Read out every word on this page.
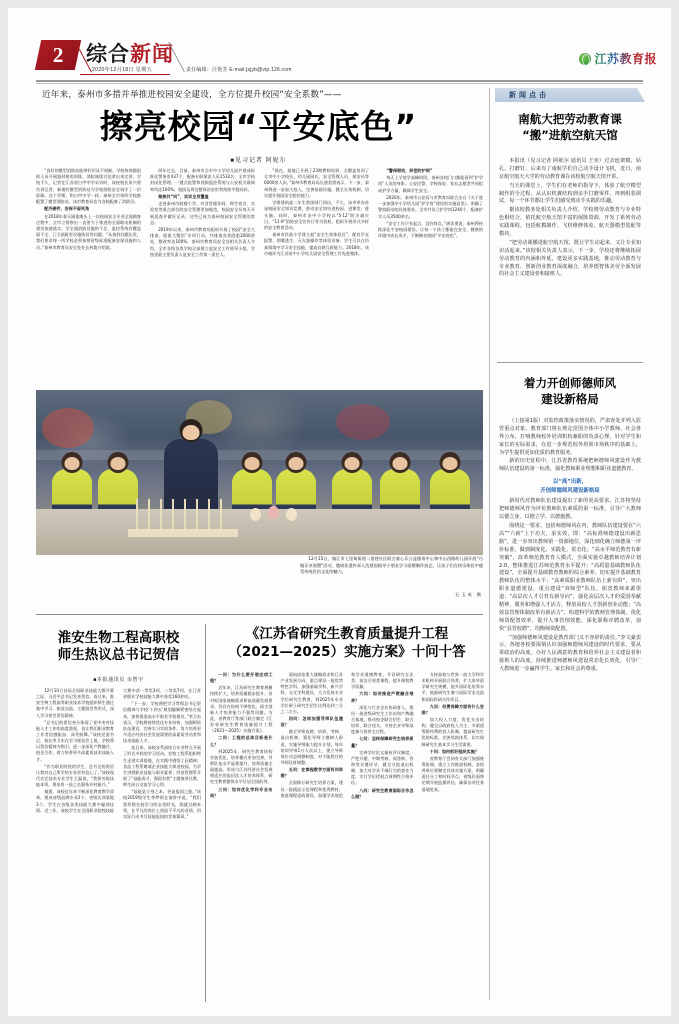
2 综合新闻
2020年12月18日 星期五	责任编辑：汪艳芳 E-mail:jsjyb@vip.126.com
江苏教育报
近年来，泰州市多措并举推进校园安全建设，全方位提升校园“安全系数”——
擦亮校园“平安底色”
■见习记者 阿妮尔

“良好的微型消防站能够好层从不间断，学校每周都组织人员开展器材使用训练，消防演练讨论拿出来完讲，学校不久，记者在江苏省白甲中学采访时，该校校长朱兴勇告诉记者，新建的微型消防站为学校消防安全筑牢了一层屏障。这个学期，和白甲中学一样，泰州全市每所学校都配置了微型消防站，该市教育局也为各校配备了消防员。

配齐硬件，安保不留死角

在2018年春天刚重地头上一次校园安全专业全面摸查过程中，全市立督察出一直要力于推进的全面联动机制的建设加速落实，学全通消防设施的不足、监控系统有覆盖面不全、门卫值班室设施陈旧等问题。“从查找问题出发，我们要求每一所学校必须按照省级标准配备安保设施和人员。”泰州市教育局安全处处长林俊介绍说。

两年过去，目前，泰州市全市中小学幼儿园共建成标准化警务室437个、配备专职保安人员1532名，全市学校封闭化管理、一键式报警和视频监控系统与公安机关联网率均达100%，校园及周边整体治安形势持续平稳向好。

聚焦共“问”，实训全员覆盖

走进泰州市鼓楼小学，对食堂操作间、师生宿舍、实验室等重点部位的安全管理更加规范，校园安全员每天开展巡查并做好记录，这些已成为泰州校园安全管理的常态。

2019年以来，泰州市教育局组织开展了校园“安全大排查、隐患大整治”专项行动，共排查各类隐患2000余处，整改率达100%。泰州市教育局安全处相关负责人介绍，全市各级各类学校全部建立起安全工作领导小组，学校党政主要负责人是安全工作第一责任人。

“现在，基地已开展了23期教师培训，全覆盖培训了全市中小学校长、幼儿园园长、安全管理人员、保安员等6000余人次。”泰州市教育局局长唐美勇表示，下一步，泰州将进一步加大投入，完善基础设施，健全长效机制，切实提升校园安全防控能力。

学群建筑高二年生常困网门同出，不久，该市举办首届校园安全知识竞赛，推动安全知识进校园、进课堂、进头脑。同时，泰州市各中小学校以“5·12”防灾减灾日、“11·9”消防安全宣传日等为契机，组织开展形式多样的安全教育活动。

泰州市民政小学建立起“安全生命体验区”，配有声光报警、烟雾逃生、灭火器操作等体验设备，学生可以在仿真情境中学习安全技能，提高自救互救能力。2018年，该市被评为江苏省中小学幼儿园安全管理工作先进集体。

“警保联动，织密防护网”

每天上学放学高峰时段，泰州各校门口都能看到“护学岗”人员的身影。公安民警、学校保安、家长志愿者共同组成护学力量，确保学生安全。

2020年，泰州市公安局与市教育局联合出台《关于进一步加强中小学幼儿园“护学岗”建设的实施意见》，明确了警校联动的具体要求。全市共设立护学岗1240个，配备护学人员3500余名。

“安全工作只有起点，没有终点。”唐美勇说，泰州将持续深化平安校园建设，让每一个孩子都能在安全、健康的环境中成长成才，不断擦亮校园“平安底色”。

12月15日，镇江市七里甸街道二道巷社区联合童心乐公益服务中心和中山西路幼儿园开展“巧做乐享面塑”活动，邀请非遗传承人沈建国指导小朋友学习面塑制作技艺，让孩子们在快乐体验中感受传统民俗文化的魅力。
石玉成 摄
淮安生物工程高职校
师生热议总书记贺信
■本报通讯员 余智宇

12月10日首届全国职业技能大赛开幕之际，习近平总书记发来贺信。连日来，淮安生物工程高等职业技术学校组织师生通过集中学习、座谈交流、主题班会等形式，深入学习领会贺信精神。

“总书记的贺信充分体现了党中央对技能人才工作的高度重视，也让我们职业教育工作者倍感振奋、深受鼓舞。”该校党委书记、校长李卫东在学习座谈会上说，学校将以贺信精神为指引，进一步深化产教融合、校企合作，着力培养更多高素质技术技能人才。

“作为职业院校的学生，总书记的贺信让我对自己所学的专业更有信心了。”该校现代农艺技术专业学生王磊说，“我要苦练技能本领，将来用一技之长服务乡村振兴。”

据悉，该校近年来不断深化教育教学改革，建成省级品牌专业2个、省级实训基地3个，学生在各级各类技能大赛中屡创佳绩。近三年，该校学生在全国职业院校技能大赛中获一等奖3项、二等奖7项，在江苏省职业学校技能大赛中获奖160余项。

“下一步，学校将把学习贯彻总书记贺信精神与学校‘十四五’规划编制紧密结合起来，加快推进高水平职业学校建设。”李卫东表示，学校将持续优化专业结构，加强师资队伍建设，完善实习实训条件，努力培养更多适应经济社会发展需要的高素质劳动者和技术技能人才。

连日来，该校各系部结合专业特点开展了形式多样的学习活动。农牧工程系组织师生走进实训基地，在实践中感悟工匠精神；食品工程系邀请企业技能大师进校园，为学生讲授职业技能与职业素养；经济管理系开展了“技能成才、强国有我”主题演讲比赛，师生同台交流学习心得。

“技能是立身之本，更是报国之能。”该校2019级学生李梦琪在演讲中说，“我们要珍惜在校学习的宝贵时光，练就过硬本领，在平凡的岗位上创造不平凡的业绩，用实际行动书写技能报国的青春篇章。”

《江苏省研究生教育质量提升工程
（2021—2025）实施方案》十问十答

一问：为什么要开展这项工程？

近年来，江苏研究生教育规模持续扩大，培养质量稳步提升，但对标国家战略需求和高质量发展要求，仍存在结构不够优化、拔尖创新人才培养能力不强等问题。为此，省教育厅等部门联合制定《江苏省研究生教育质量提升工程（2021—2025）实施方案》。

二问：工程的总体目标是什么？

到2025年，研究生教育结构更加优化，培养模式更加完善，导师队伍水平显著提升，培养质量全面提高，形成与江苏经济社会发展相适应的高层次人才培养体系，研究生教育整体水平位居全国前列。

三问：如何优化学科专业布局？

面向国家重大战略需求和江苏产业发展方向，重点建设一批优势特色学科，加强基础学科、新兴学科、交叉学科建设，大力发展专业学位研究生教育，到2025年专业学位硕士研究生招生比例达到三分之二左右。

四问：怎样加强导师队伍建设？

健全导师选聘、培训、考核、退出机制，强化导师立德树人职责，实施导师能力提升计划，每年培训导师1万人次以上，建立导师岗位动态调整制度，对不能胜任的导师及时调整。

五问：在课程教学方面有何举措？

全面修订研究生培养方案，建设一批精品示范课程和优秀教材，推进课程思政建设，加强学术规范和学术道德教育，开设研究方法类、前沿引领类课程，提升课程教学质量。

六问：如何推进产教融合培养？

深化与行业企业协同育人，建设一批省级研究生工作站和产教融合基地，推动校企联合招生、联合培养、联合攻关，支持企业导师深度参与培养全过程。

七问：怎样保障研究生培养质量？

完善学位论文抽检评议制度，严把开题、中期考核、预答辩、答辩等关键环节，健全分流退出机制，加大对学术不端行为的查处力度，实行学位授权点周期性合格评估。

八问：研究生教育国际合作怎么做？

支持高校与世界一流大学和学术机构开展联合培养，扩大来华留学研究生规模，提升国际化培养水平，鼓励研究生参与国际学术交流和国际科研合作项目。

九问：经费保障方面有什么安排？

加大投入力度，优化支出结构，健全以政府投入为主、多渠道筹措经费的投入机制，提高研究生奖助标准，完善奖助体系，切实保障研究生基本学习生活需要。

十问：如何抓好组织实施？

省教育厅会同有关部门加强统筹协调，建立工作推进机制，各培养单位要制定具体实施方案，明确责任分工和时间节点，省级层面将定期开展监测评估，确保各项任务落地见效。

新闻点击
南航大把劳动教育课
“搬”进航空航天馆

本报讯（见习记者 阿妮尔 通讯员 王奕）过去连架模、钻孔、打磨钉，后来有了南航学们自己动手设计飞机，近日，南京航空航天大学的劳动教育课在该校航空航天馆开讲。

当天的课堂上，学生们在老师的指导下，体验了航空模型制作的全过程。从认识机翼结构到亲手打磨零件，再到组装调试，每一个环节都让学生们感受到动手实践的乐趣。

据该校教务处相关负责人介绍，学校将劳动教育与专业特色相结合，依托航空航天馆丰富的展陈资源，开发了系列劳动实践课程，包括航模制作、飞机维修体验、航天器模型装配等模块。

“把劳动课搬进航空航天馆，既让学生动起来，又让专业知识活起来。”该校相关负责人表示，下一步，学校还将继续拓展劳动教育的内涵和外延，建设更多实践基地，推动劳动教育与专业教育、创新创业教育深度融合，培养德智体美劳全面发展的社会主义建设者和接班人。

着力开创师德师风
建设新格局

（上接第1版）对监控政策落实情况的，严肃查处并列入监管重点对象。教育部门将在规定范围全体中小学教师、社会各界公布，打响教师校外培训机构兼职的负责心理，针对学生和家长的实际需求，在进一步规范校外培训市场秩序的基础上，为学生提供更加优质的教育服务。

新的历史征程中，江苏省教育系统把师德师风建设作为教师队伍建设的第一标准，强化教师职业理想和职业道德教育。

以“高”出新，

开创师德师风建设新格局

新时代对教师队伍建设提出了新的更高要求。江苏将坚持把师德师风作为评价教师队伍素质的第一标准，引导广大教师以德立身、以德立学、以德施教。

围绕这一要求，包括师德师风在内，教师队伍建设要在“六高”“六新”上下功夫，求实效，即：“高标准师德建设出新思路”，进一步突出教师第一资源地位，深化细化确立师德第一评价标准，做到制度化、实践化、常态化；“高水平师范教育有新突破”，改革师范教育育人模式，全面实施卓越教师培养计划2.0，整体推进江苏师范教育水平提升；“高质量基础教师队伍建设”，全面提升基础教育教师的综合素养，切实提升基础教育教师队伍的整体水平；“高素质职业教师队伍上新台阶”，突出职业道德建设，重点建设“双师型”队伍，拓宽教师来源渠道；“高层次人才引育有新导向”，强化高层次人才的爱国奉献精神，服务和增强人才活力，释放高校人才创新创业动能；“高效益管理体制改革有新活力”，构建科学的教师管理体制，优化师资配置效率，提升人事管理效能，深化职称评聘改革，加快“县管校聘”，均衡师资配置。

“加强师德师风建设是教育部门义不容辞的责任。”李文豪表示，各地各校要深刻认识加强师德师风建设的时代要求，要从讲政治的高度，办好人民满意的教育和培养社会主义建设者和接班人的高度，持续推进师德师风建设常态化长效化，引导广大教师进一步赢得学生、家长和社会的尊重。
